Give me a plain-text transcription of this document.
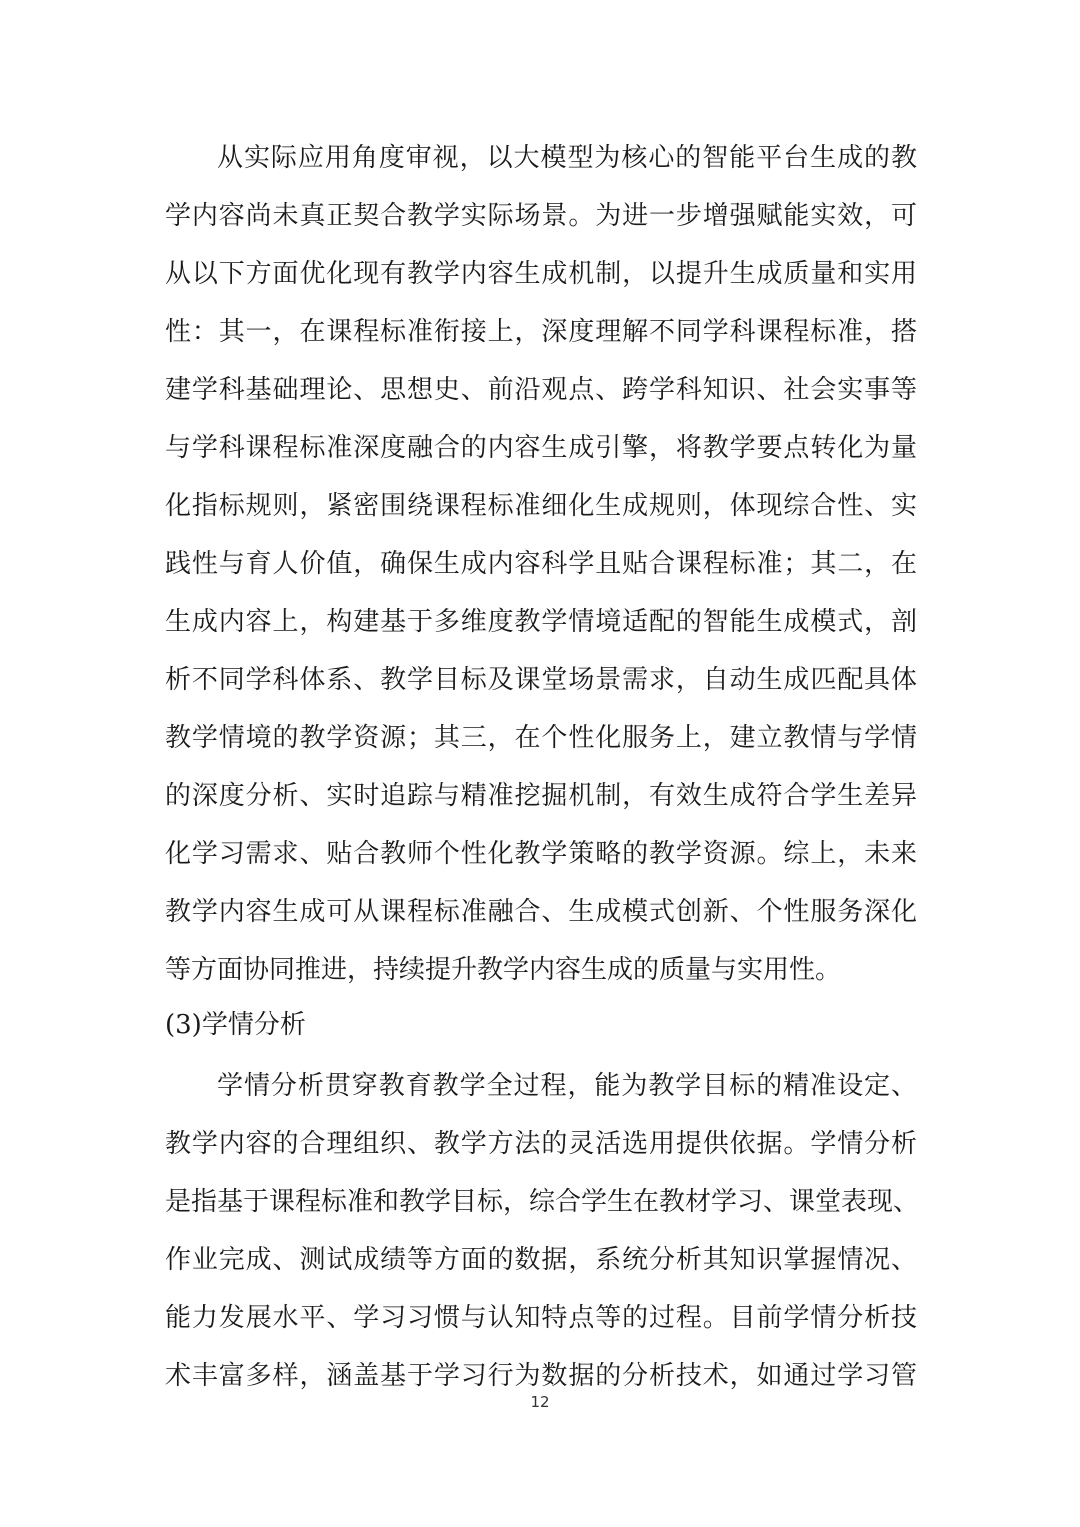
从实际应用角度审视，以大模型为核心的智能平台生成的教
学内容尚未真正契合教学实际场景。为进一步增强赋能实效，可
从以下方面优化现有教学内容生成机制，以提升生成质量和实用
性：其一，在课程标准衔接上，深度理解不同学科课程标准，搭
建学科基础理论、思想史、前沿观点、跨学科知识、社会实事等
与学科课程标准深度融合的内容生成引擎，将教学要点转化为量
化指标规则，紧密围绕课程标准细化生成规则，体现综合性、实
践性与育人价值，确保生成内容科学且贴合课程标准；其二，在
生成内容上，构建基于多维度教学情境适配的智能生成模式，剖
析不同学科体系、教学目标及课堂场景需求，自动生成匹配具体
教学情境的教学资源；其三，在个性化服务上，建立教情与学情
的深度分析、实时追踪与精准挖掘机制，有效生成符合学生差异
化学习需求、贴合教师个性化教学策略的教学资源。综上，未来
教学内容生成可从课程标准融合、生成模式创新、个性服务深化
等方面协同推进，持续提升教学内容生成的质量与实用性。
(3)学情分析
学情分析贯穿教育教学全过程，能为教学目标的精准设定、
教学内容的合理组织、教学方法的灵活选用提供依据。学情分析
是指基于课程标准和教学目标，综合学生在教材学习、课堂表现、
作业完成、测试成绩等方面的数据，系统分析其知识掌握情况、
能力发展水平、学习习惯与认知特点等的过程。目前学情分析技
术丰富多样，涵盖基于学习行为数据的分析技术，如通过学习管
12
